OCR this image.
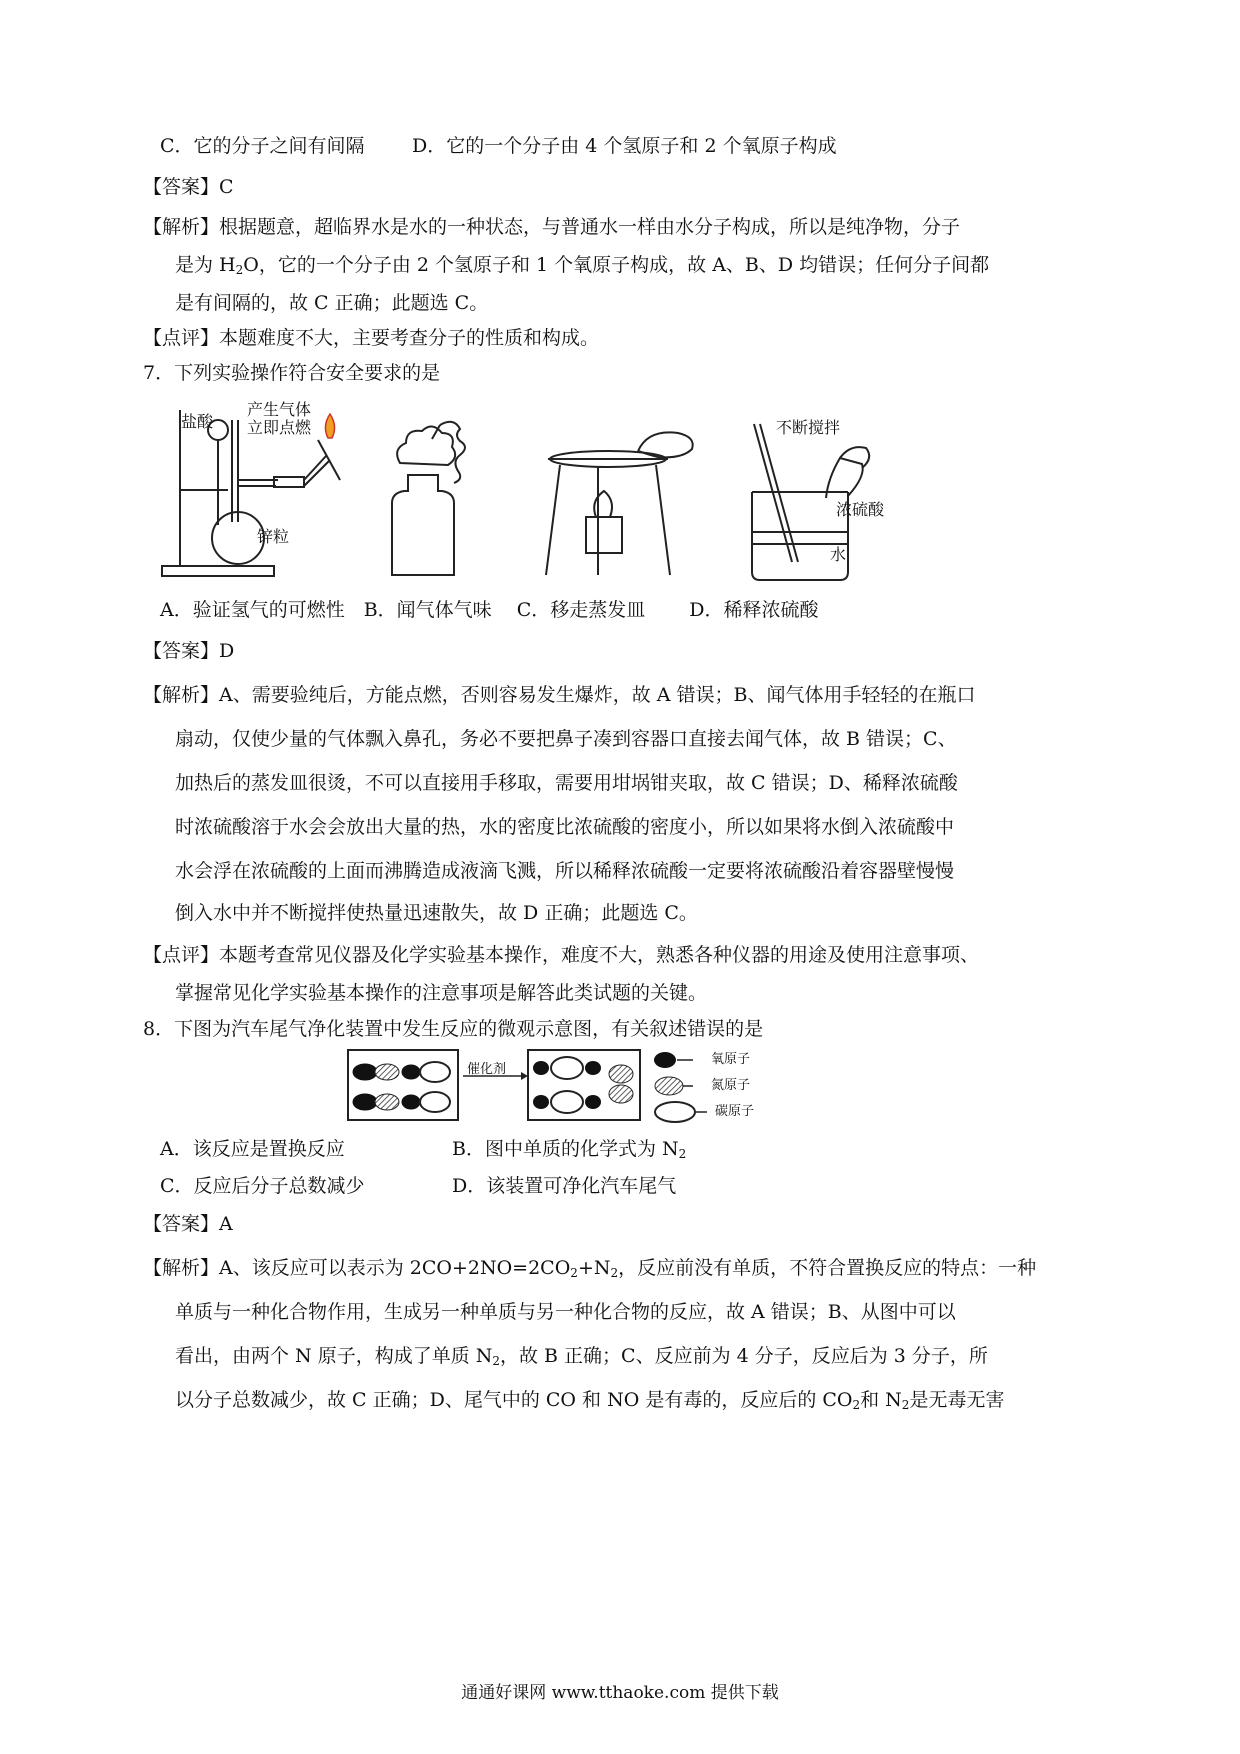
C．它的分子之间有间隔 D．它的一个分子由 4 个氢原子和 2 个氧原子构成
【答案】C
【解析】根据题意，超临界水是水的一种状态，与普通水一样由水分子构成，所以是纯净物，分子
是为 $H_2O$，它的一个分子由 2 个氢原子和 1 个氧原子构成，故 A、B、D 均错误；任何分子间都
是有间隔的，故 C 正确；此题选 C。
【点评】本题难度不大，主要考查分子的性质和构成。
7．下列实验操作符合安全要求的是
盐酸
产生气体
立即点燃
锌粒
不断搅拌
浓硫酸
水
A．验证氢气的可燃性　B．闻气体气味　 C．移走蒸发皿　　 D．稀释浓硫酸
【答案】D
【解析】A、需要验纯后，方能点燃，否则容易发生爆炸，故 A 错误；B、闻气体用手轻轻的在瓶口
扇动，仅使少量的气体飘入鼻孔，务必不要把鼻子凑到容器口直接去闻气体，故 B 错误；C、
加热后的蒸发皿很烫，不可以直接用手移取，需要用坩埚钳夹取，故 C 错误；D、稀释浓硫酸
时浓硫酸溶于水会会放出大量的热，水的密度比浓硫酸的密度小，所以如果将水倒入浓硫酸中
水会浮在浓硫酸的上面而沸腾造成液滴飞溅，所以稀释浓硫酸一定要将浓硫酸沿着容器壁慢慢
倒入水中并不断搅拌使热量迅速散失，故 D 正确；此题选 C。
【点评】本题考查常见仪器及化学实验基本操作，难度不大，熟悉各种仪器的用途及使用注意事项、
掌握常见化学实验基本操作的注意事项是解答此类试题的关键。
8．下图为汽车尾气净化装置中发生反应的微观示意图，有关叙述错误的是
催化剂
氧原子
氮原子
碳原子
A．该反应是置换反应	B．图中单质的化学式为 $N_2$
C．反应后分子总数减少	D．该装置可净化汽车尾气
【答案】A
【解析】A、该反应可以表示为 $2CO+2NO=2CO_2+N_2$，反应前没有单质，不符合置换反应的特点：一种
单质与一种化合物作用，生成另一种单质与另一种化合物的反应，故 A 错误；B、从图中可以
看出，由两个 N 原子，构成了单质 $N_2$，故 B 正确；C、反应前为 4 分子，反应后为 3 分子，所
以分子总数减少，故 C 正确；D、尾气中的 CO 和 NO 是有毒的，反应后的 $CO_2$和 $N_2$是无毒无害
通通好课网 www.tthaoke.com 提供下载
